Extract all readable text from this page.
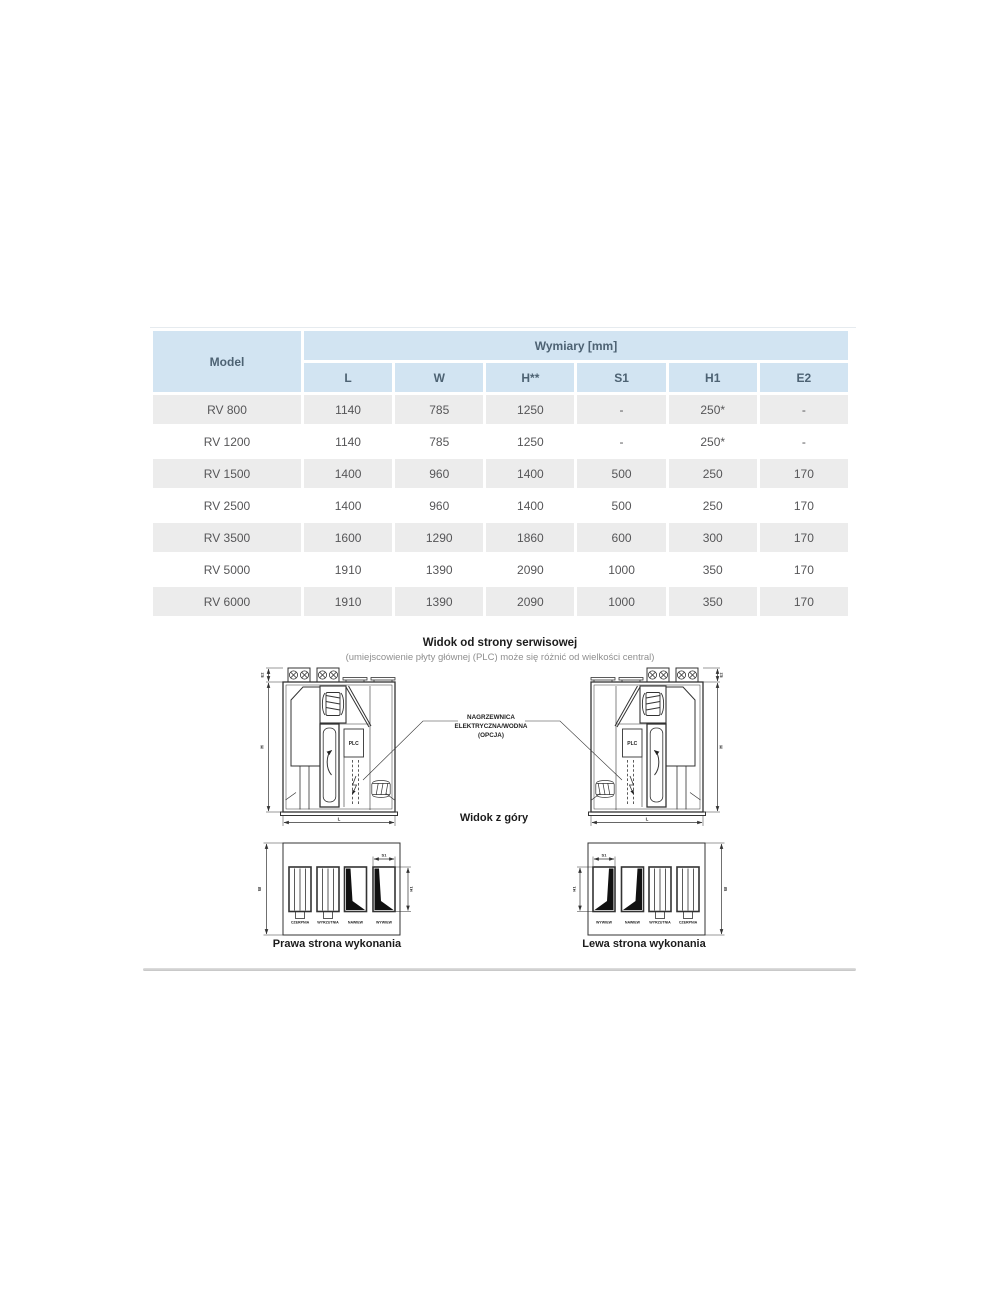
Model	Wymiary [mm]					
	L	W	H**	S1	H1	E2
RV 800	1140	785	1250	-	250*	-
RV 1200	1140	785	1250	-	250*	-
RV 1500	1400	960	1400	500	250	170
RV 2500	1400	960	1400	500	250	170
RV 3500	1600	1290	1860	600	300	170
RV 5000	1910	1390	2090	1000	350	170
RV 6000	1910	1390	2090	1000	350	170
Widok od strony serwisowej
(umiejscowienie płyty głównej (PLC) może się różnić od wielkości central)
Widok z góry
Prawa strona wykonania	Lewa strona wykonania
NAGRZEWNICA
ELEKTRYCZNA/WODNA
(OPCJA)
E2
H
L
PLC
E2
H
L
PLC
W
S1
H1
CZERPNIA WYRZUTNIA	NAWIEW	WYWIEW
W
S1
H1
WYWIEW	NAWIEW	WYRZUTNIA CZERPNIA
